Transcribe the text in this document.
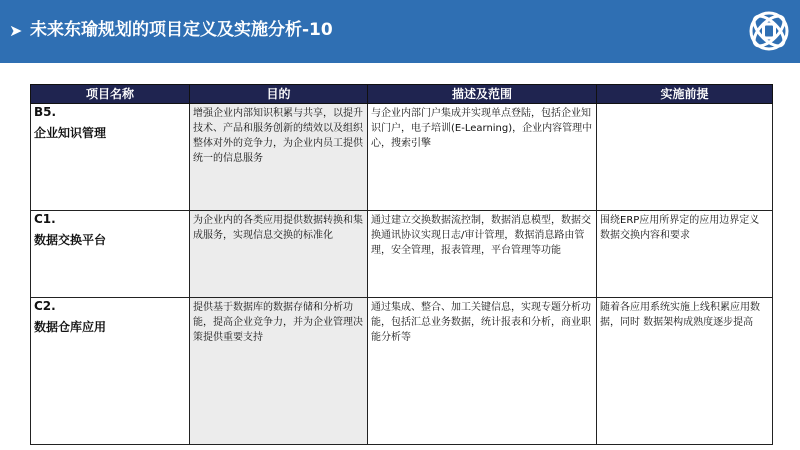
➤ 未来东瑜规划的项目定义及实施分析-10
项目名称	目的	描述及范围	实施前提

B5.
企业知识管理	增强企业内部知识积累与共享，以提升技术、产品和服务创新的绩效以及组织整体对外的竞争力，为企业内员工提供统一的信息服务	与企业内部门户集成并实现单点登陆，包括企业知识门户，电子培训(E-Learning)，企业内容管理中心，搜索引擎	

C1.
数据交换平台	为企业内的各类应用提供数据转换和集成服务，实现信息交换的标准化	通过建立交换数据流控制，数据消息模型，数据交换通讯协议实现日志/审计管理，数据消息路由管理，安全管理，报表管理，平台管理等功能	围绕ERP应用所界定的应用边界定义数据交换内容和要求

C2.
数据仓库应用	提供基于数据库的数据存储和分析功能，提高企业竞争力，并为企业管理决策提供重要支持	通过集成、整合、加工关键信息，实现专题分析功能，包括汇总业务数据，统计报表和分析，商业职能分析等	随着各应用系统实施上线积累应用数据，同时 数据架构成熟度逐步提高
